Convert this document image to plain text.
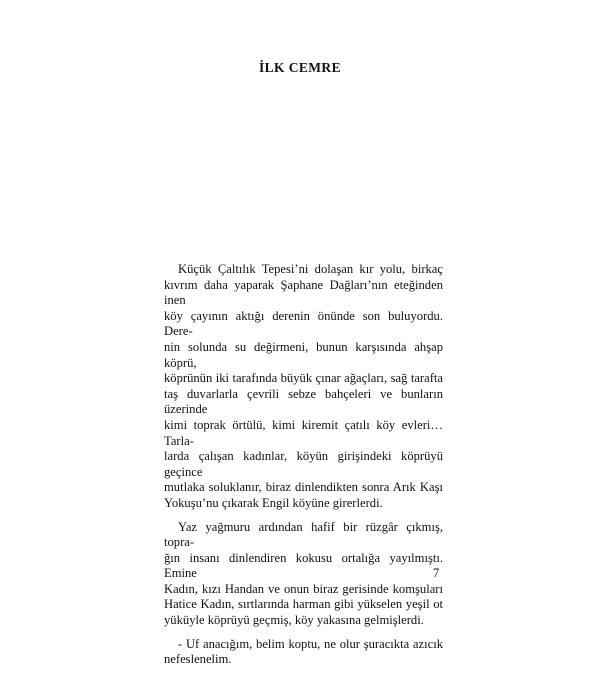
İLK CEMRE

Küçük Çaltılık Tepesi’ni dolaşan kır yolu, birkaç
kıvrım daha yaparak Şaphane Dağları’nın eteğinden inen
köy çayının aktığı derenin önünde son buluyordu. Dere-
nin solunda su değirmeni, bunun karşısında ahşap köprü,
köprünün iki tarafında büyük çınar ağaçları, sağ tarafta
taş duvarlarla çevrili sebze bahçeleri ve bunların üzerinde
kimi toprak örtülü, kimi kiremit çatılı köy evleri… Tarla-
larda çalışan kadınlar, köyün girişindeki köprüyü geçince
mutlaka soluklanır, biraz dinlendikten sonra Arık Kaşı
Yokuşu’nu çıkarak Engil köyüne girerlerdi.

Yaz yağmuru ardından hafif bir rüzgâr çıkmış, topra-
ğın insanı dinlendiren kokusu ortalığa yayılmıştı. Emine
Kadın, kızı Handan ve onun biraz gerisinde komşuları
Hatice Kadın, sırtlarında harman gibi yükselen yeşil ot
yüküyle köprüyü geçmiş, köy yakasına gelmişlerdi.

- Uf anacığım, belim koptu, ne olur şuracıkta azıcık
nefeslenelim.

7
